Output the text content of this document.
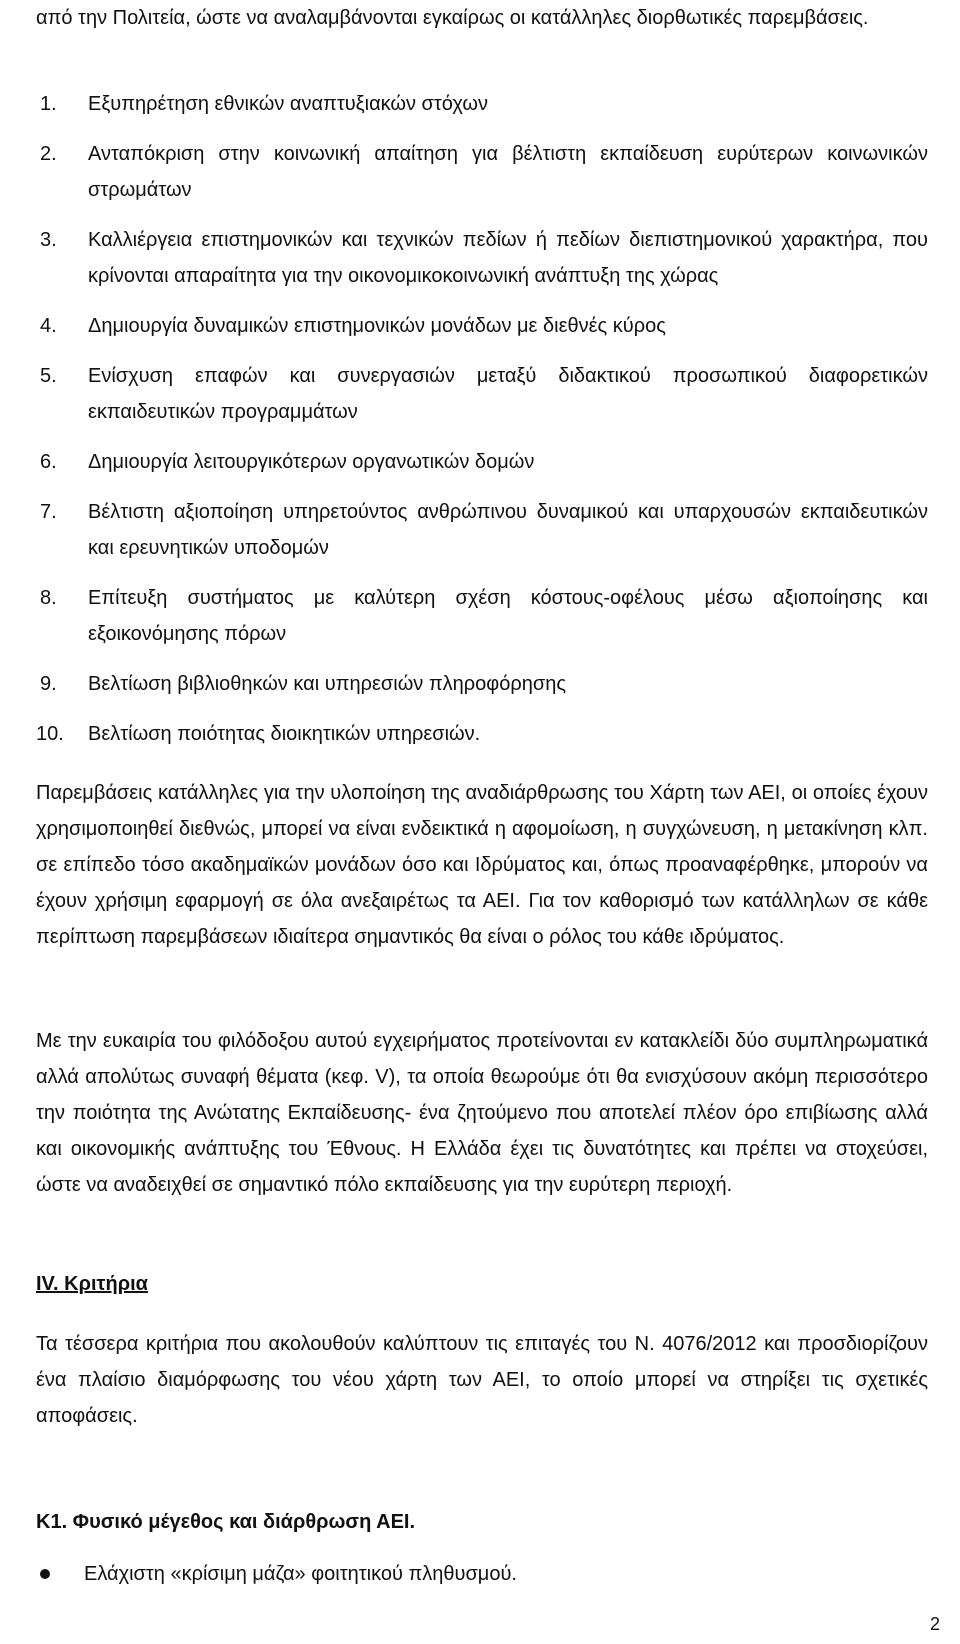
από την Πολιτεία, ώστε να αναλαμβάνονται εγκαίρως οι κατάλληλες διορθωτικές παρεμβάσεις.
1.	Εξυπηρέτηση εθνικών αναπτυξιακών στόχων
2.	Ανταπόκριση στην κοινωνική απαίτηση για βέλτιστη εκπαίδευση ευρύτερων κοινωνικών στρωμάτων
3.	Καλλιέργεια επιστημονικών και τεχνικών πεδίων ή πεδίων διεπιστημονικού χαρακτήρα, που κρίνονται απαραίτητα για την οικονομικοκοινωνική ανάπτυξη της χώρας
4.	Δημιουργία δυναμικών επιστημονικών μονάδων με διεθνές κύρος
5.	Ενίσχυση επαφών και συνεργασιών μεταξύ διδακτικού προσωπικού διαφορετικών εκπαιδευτικών προγραμμάτων
6.	Δημιουργία λειτουργικότερων οργανωτικών δομών
7.	Βέλτιστη αξιοποίηση υπηρετούντος ανθρώπινου δυναμικού και υπαρχουσών εκπαιδευτικών και ερευνητικών υποδομών
8.	Επίτευξη συστήματος με καλύτερη σχέση κόστους-οφέλους μέσω αξιοποίησης και εξοικονόμησης πόρων
9.	Βελτίωση βιβλιοθηκών και υπηρεσιών πληροφόρησης
10.	Βελτίωση ποιότητας διοικητικών υπηρεσιών.

Παρεμβάσεις κατάλληλες για την υλοποίηση της αναδιάρθρωσης του Χάρτη των ΑΕΙ, οι οποίες έχουν χρησιμοποιηθεί διεθνώς, μπορεί να είναι ενδεικτικά η αφομοίωση, η συγχώνευση, η μετακίνηση κλπ. σε επίπεδο τόσο ακαδημαϊκών μονάδων όσο και Ιδρύματος και, όπως προαναφέρθηκε, μπορούν να έχουν χρήσιμη εφαρμογή σε όλα ανεξαιρέτως τα ΑΕΙ. Για τον καθορισμό των κατάλληλων σε κάθε περίπτωση παρεμβάσεων ιδιαίτερα σημαντικός θα είναι ο ρόλος του κάθε ιδρύματος.

Με την ευκαιρία του φιλόδοξου αυτού εγχειρήματος προτείνονται εν κατακλείδι δύο συμπληρωματικά αλλά απολύτως συναφή θέματα (κεφ. V), τα οποία θεωρούμε ότι θα ενισχύσουν ακόμη περισσότερο την ποιότητα της Ανώτατης Εκπαίδευσης- ένα ζητούμενο που αποτελεί πλέον όρο επιβίωσης αλλά και οικονομικής ανάπτυξης του Έθνους. Η Ελλάδα έχει τις δυνατότητες και πρέπει να στοχεύσει, ώστε να αναδειχθεί σε σημαντικό πόλο εκπαίδευσης για την ευρύτερη περιοχή.

IV. Κριτήρια

Τα τέσσερα κριτήρια που ακολουθούν καλύπτουν τις επιταγές του Ν. 4076/2012 και προσδιορίζουν ένα πλαίσιο διαμόρφωσης του νέου χάρτη των ΑΕΙ, το οποίο μπορεί να στηρίξει τις σχετικές αποφάσεις.

Κ1. Φυσικό μέγεθος και διάρθρωση ΑΕΙ.
Ελάχιστη «κρίσιμη μάζα» φοιτητικού πληθυσμού.
2
